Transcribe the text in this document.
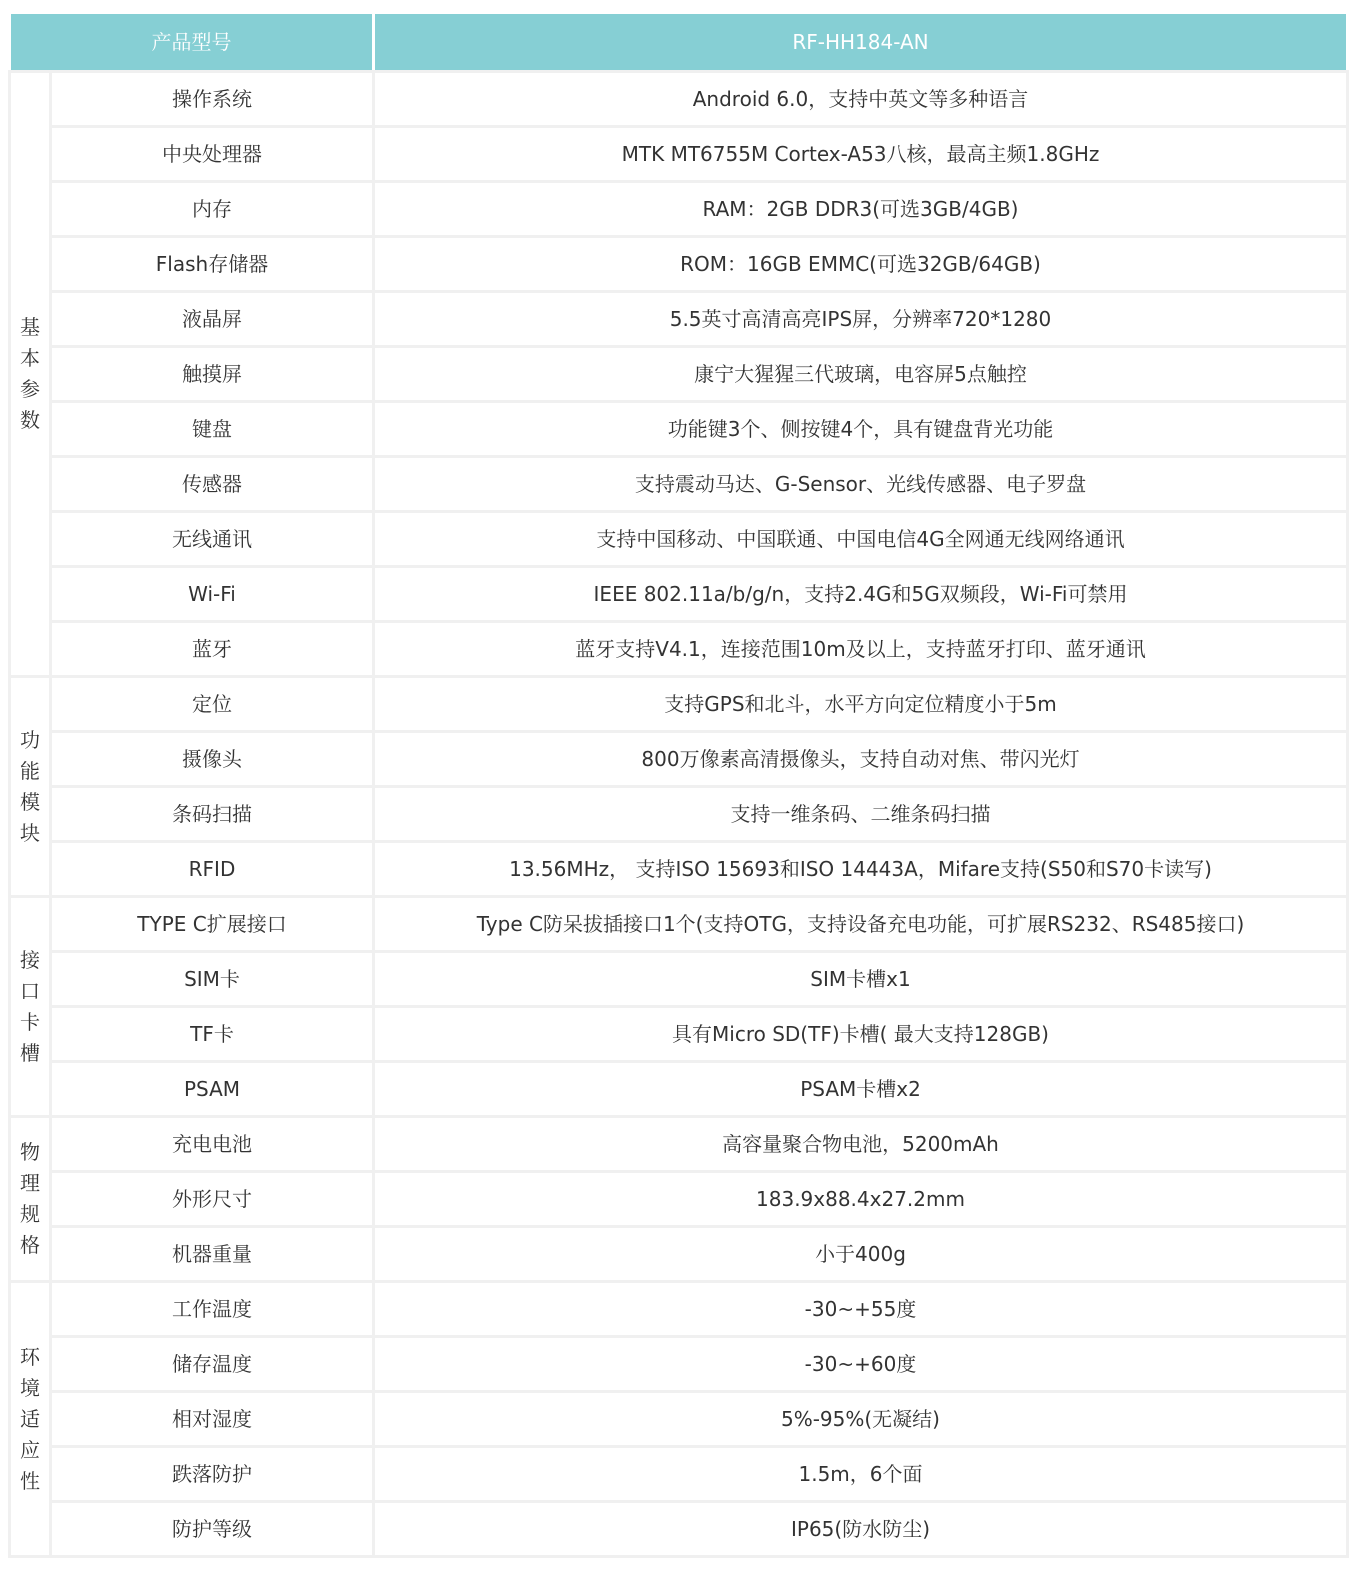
产品型号		RF-HH184-AN

基本参数	操作系统	Android 6.0，支持中英文等多种语言
	中央处理器	MTK MT6755M Cortex-A53八核，最高主频1.8GHz
	内存	RAM：2GB DDR3(可选3GB/4GB)
	Flash存储器	ROM：16GB EMMC(可选32GB/64GB)
	液晶屏	5.5英寸高清高亮IPS屏，分辨率720*1280
	触摸屏	康宁大猩猩三代玻璃，电容屏5点触控
	键盘	功能键3个、侧按键4个，具有键盘背光功能
	传感器	支持震动马达、G-Sensor、光线传感器、电子罗盘
	无线通讯	支持中国移动、中国联通、中国电信4G全网通无线网络通讯
	Wi-Fi	IEEE 802.11a/b/g/n，支持2.4G和5G双频段，Wi-Fi可禁用
	蓝牙	蓝牙支持V4.1，连接范围10m及以上，支持蓝牙打印、蓝牙通讯

功能模块	定位	支持GPS和北斗，水平方向定位精度小于5m
	摄像头	800万像素高清摄像头，支持自动对焦、带闪光灯
	条码扫描	支持一维条码、二维条码扫描
	RFID	13.56MHz， 支持ISO 15693和ISO 14443A，Mifare支持(S50和S70卡读写)

接口卡槽	TYPE C扩展接口	Type C防呆拔插接口1个(支持OTG，支持设备充电功能，可扩展RS232、RS485接口)
	SIM卡	SIM卡槽x1
	TF卡	具有Micro SD(TF)卡槽( 最大支持128GB)
	PSAM	PSAM卡槽x2

物理规格	充电电池	高容量聚合物电池，5200mAh
	外形尺寸	183.9x88.4x27.2mm
	机器重量	小于400g

环境适应性	工作温度	-30~+55度
	储存温度	-30~+60度
	相对湿度	5%-95%(无凝结)
	跌落防护	1.5m，6个面
	防护等级	IP65(防水防尘)
